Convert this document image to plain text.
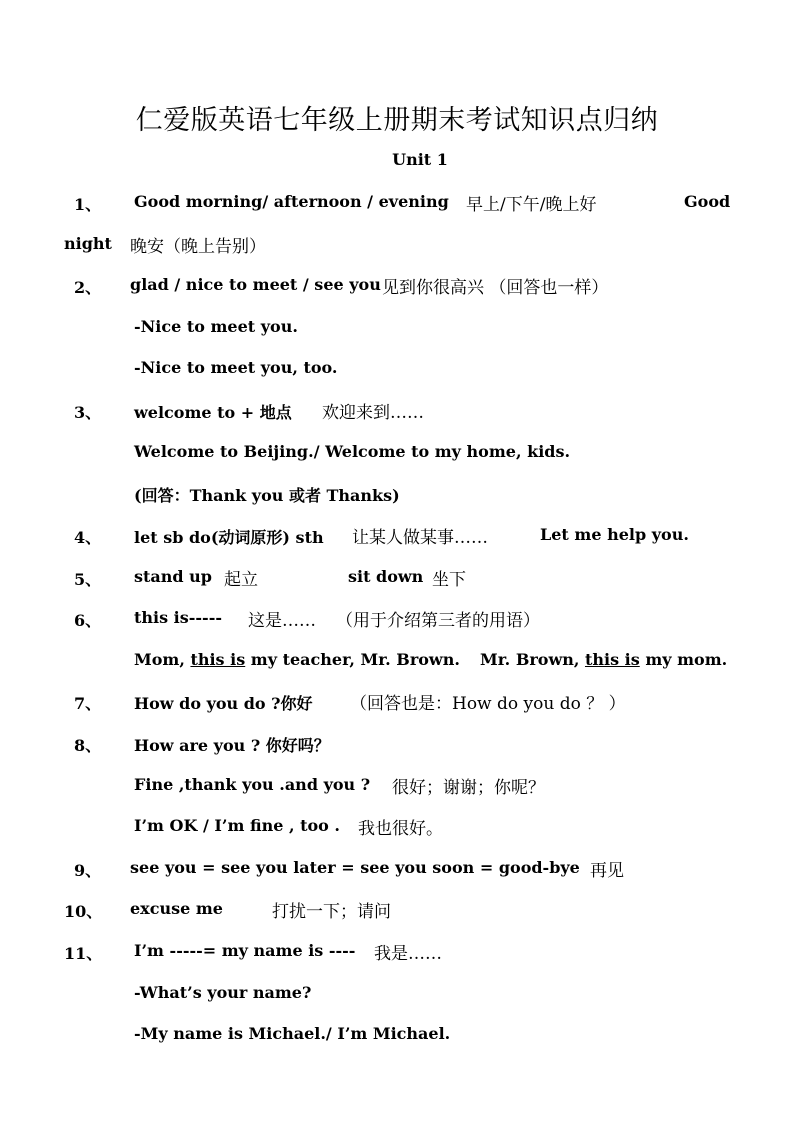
仁爱版英语七年级上册期末考试知识点归纳
Unit 1
1、 Good morning/ afternoon / evening 早上/下午/晚上好	Good
night 晚安（晚上告别）
2、 glad / nice to meet / see you 见到你很高兴 （回答也一样）
-Nice to meet you.
-Nice to meet you, too.
3、 welcome to + 地点 欢迎来到……
Welcome to Beijing./ Welcome to my home, kids.
(回答：Thank you 或者 Thanks)
4、 let sb do(动词原形) sth 让某人做某事……	Let me help you.
5、 stand up 起立	sit down 坐下
6、 this is----- 这是…… （用于介绍第三者的用语）
Mom, this is my teacher, Mr. Brown. Mr. Brown, this is my mom.
7、 How do you do ?你好 （回答也是：How do you do ？ ）
8、 How are you ? 你好吗？
Fine ,thank you .and you ? 很好；谢谢；你呢？
I’m OK / I’m fine , too . 我也很好。
9、 see you = see you later = see you soon = good-bye 再见
10、 excuse me	打扰一下；请问
11、 I’m -----= my name is ---- 我是……
-What’s your name?
-My name is Michael./ I’m Michael.
